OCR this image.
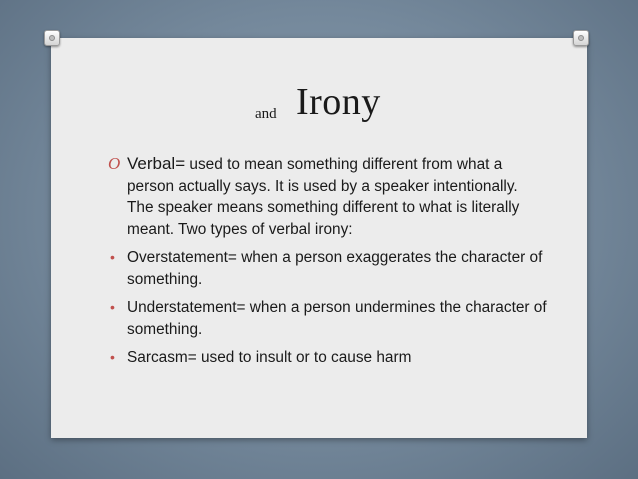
and Irony
O Verbal= used to mean something different from what a person actually says. It is used by a speaker intentionally. The speaker means something different to what is literally meant. Two types of verbal irony:
• Overstatement= when a person exaggerates the character of something.
• Understatement= when a person undermines the character of something.
• Sarcasm= used to insult or to cause harm
